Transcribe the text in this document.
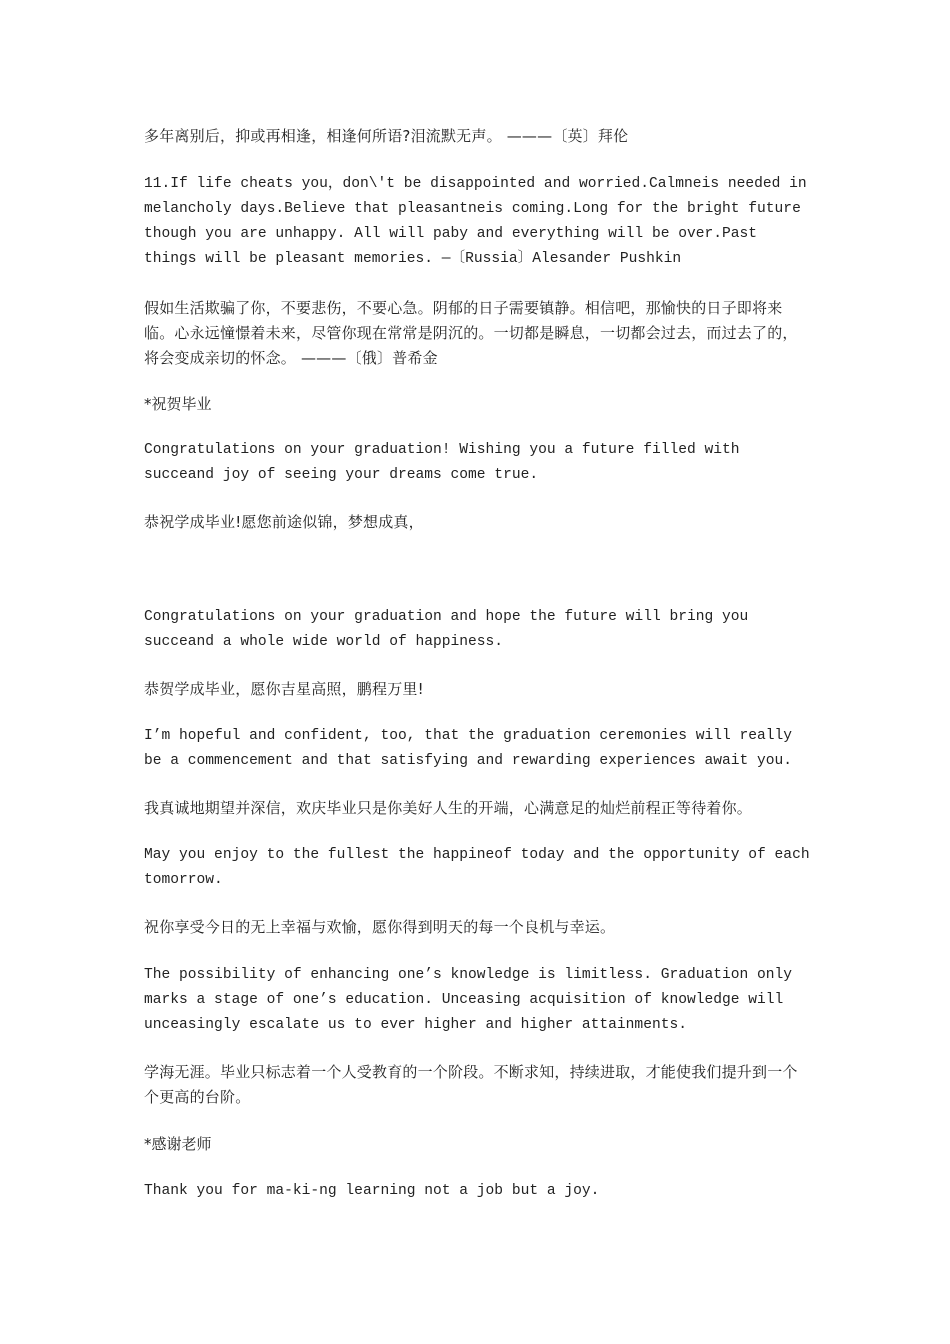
多年离别后，抑或再相逢，相逢何所语?泪流默无声。 ———〔英〕拜伦

11.If life cheats you，don\'t be disappointed and worried.Calmneis needed in melancholy days.Believe that pleasantneis coming.Long for the bright future though you are unhappy. All will paby and everything will be over.Past things will be pleasant memories. —〔Russia〕Alesander Pushkin

假如生活欺骗了你，不要悲伤，不要心急。阴郁的日子需要镇静。相信吧，那愉快的日子即将来临。心永远憧憬着未来，尽管你现在常常是阴沉的。一切都是瞬息，一切都会过去，而过去了的，将会变成亲切的怀念。 ———〔俄〕普希金

*祝贺毕业

Congratulations on your graduation! Wishing you a future filled with succeand joy of seeing your dreams come true.

恭祝学成毕业!愿您前途似锦，梦想成真，

Congratulations on your graduation and hope the future will bring you succeand a whole wide world of happiness.

恭贺学成毕业，愿你吉星高照，鹏程万里!

I’m hopeful and confident, too, that the graduation ceremonies will really be a commencement and that satisfying and rewarding experiences await you.

我真诚地期望并深信，欢庆毕业只是你美好人生的开端，心满意足的灿烂前程正等待着你。

May you enjoy to the fullest the happineof today and the opportunity of each tomorrow.

祝你享受今日的无上幸福与欢愉，愿你得到明天的每一个良机与幸运。

The possibility of enhancing one’s knowledge is limitless. Graduation only marks a stage of one’s education. Unceasing acquisition of knowledge will unceasingly escalate us to ever higher and higher attainments.

学海无涯。毕业只标志着一个人受教育的一个阶段。不断求知，持续进取，才能使我们提升到一个个更高的台阶。

*感谢老师

Thank you for ma-ki-ng learning not a job but a joy.
